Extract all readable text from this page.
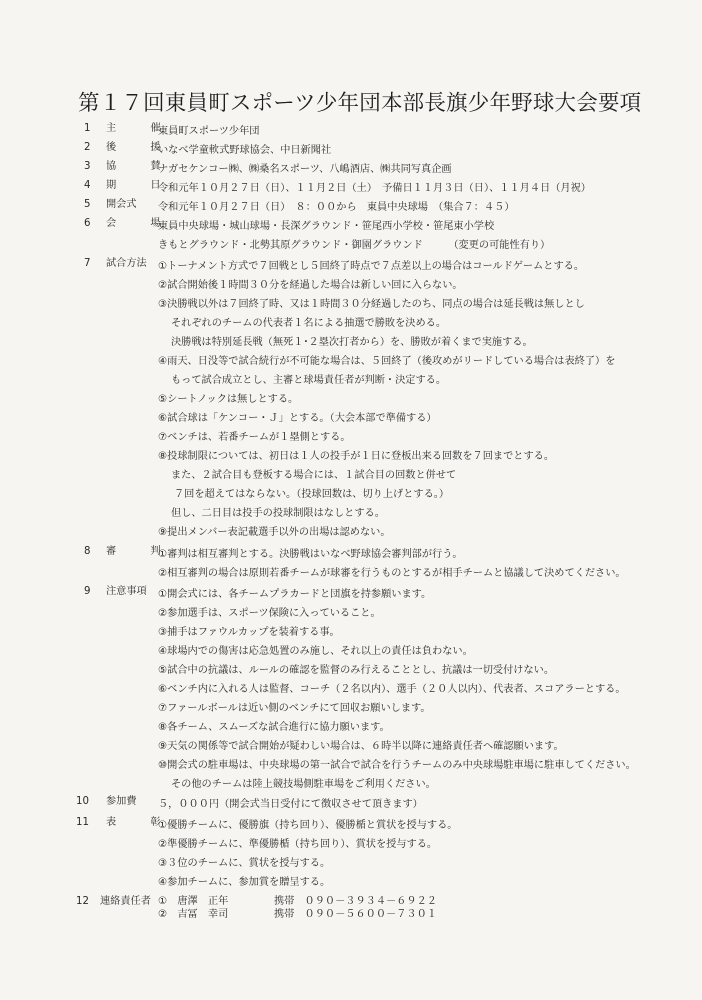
第１７回東員町スポーツ少年団本部長旗少年野球大会要項
1 主　催
東員町スポーツ少年団
2 後　援
いなべ学童軟式野球協会、中日新聞社
3 協　賛
ナガセケンコー㈱、㈱桑名スポーツ、八嶋酒店、㈱共同写真企画
4 期　日
令和元年１０月２７日（日）、１１月２日（土）　予備日１１月３日（日）、１１月４日（月祝）
5 開会式 令和元年１０月２７日（日）　８：００から　東員中央球場　（集合７：４５）
6 会　場
東員中央球場・城山球場・長深グラウンド・笹尾西小学校・笹尾東小学校
きもとグラウンド・北勢其原グラウンド・御園グラウンド　　　（変更の可能性有り）
7 試合方法 ①トーナメント方式で７回戦とし５回終了時点で７点差以上の場合はコールドゲームとする。
②試合開始後１時間３０分を経過した場合は新しい回に入らない。
③決勝戦以外は７回終了時、又は１時間３０分経過したのち、同点の場合は延長戦は無しとし
それぞれのチームの代表者１名による抽選で勝敗を決める。
決勝戦は特別延長戦（無死１･２塁次打者から）を、勝敗が着くまで実施する。
④雨天、日没等で試合続行が不可能な場合は、５回終了（後攻めがリードしている場合は表終了）を
もって試合成立とし、主審と球場責任者が判断・決定する。
⑤シートノックは無しとする。
⑥試合球は「ケンコー・Ｊ」とする。（大会本部で準備する）
⑦ベンチは、若番チームが１塁側とする。
⑧投球制限については、初日は１人の投手が１日に登板出来る回数を７回までとする。
また、２試合目も登板する場合には、１試合目の回数と併せて
７回を超えてはならない。（投球回数は、切り上げとする。）
但し、二日目は投手の投球制限はなしとする。
⑨提出メンバー表記載選手以外の出場は認めない。
8 審　判
①審判は相互審判とする。決勝戦はいなべ野球協会審判部が行う。
②相互審判の場合は原則若番チームが球審を行うものとするが相手チームと協議して決めてください。
9 注意事項 ①開会式には、各チームプラカードと団旗を持参願います。
②参加選手は、スポーツ保険に入っていること。
③捕手はファウルカップを装着する事。
④球場内での傷害は応急処置のみ施し、それ以上の責任は負わない。
⑤試合中の抗議は、ルールの確認を監督のみ行えることとし、抗議は一切受付けない。
⑥ベンチ内に入れる人は監督、コーチ（２名以内）、選手（２０人以内）、代表者、スコアラーとする。
⑦ファールボールは近い側のベンチにて回収お願いします。
⑧各チーム、スムーズな試合進行に協力願います。
⑨天気の関係等で試合開始が疑わしい場合は、６時半以降に連絡責任者へ確認願います。
⑩開会式の駐車場は、中央球場の第一試合で試合を行うチームのみ中央球場駐車場に駐車してください。
その他のチームは陸上競技場側駐車場をご利用ください。
10 参加費 ５，０００円（開会式当日受付にて徴収させて頂きます）
11 表　彰
①優勝チームに、優勝旗（持ち回り）、優勝楯と賞状を授与する。
②準優勝チームに、準優勝楯（持ち回り）、賞状を授与する。
③３位のチームに、賞状を授与する。
④参加チームに、参加賞を贈呈する。
12 連絡責任者 ①　唐澤　正年	携帯　０９０－３９３４－６９２２
②　吉冨　幸司	携帯　０９０－５６００－７３０１
